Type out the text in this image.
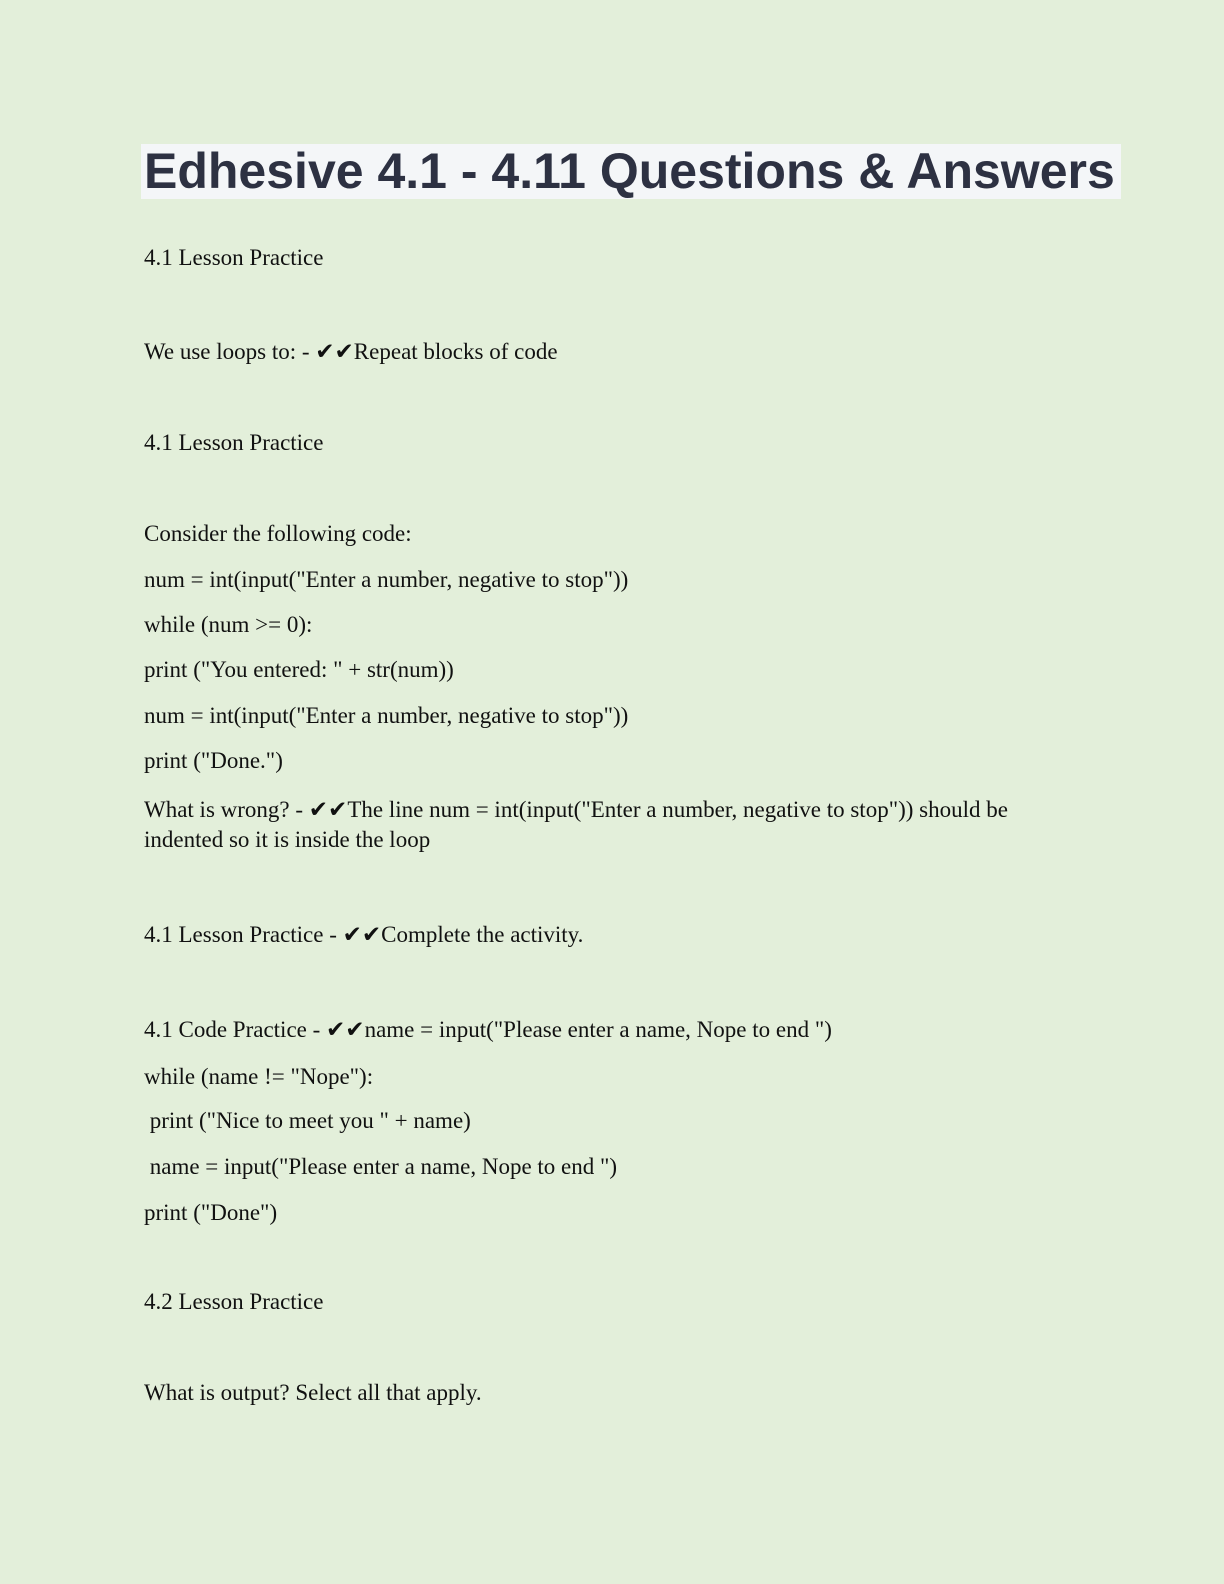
Edhesive 4.1 - 4.11 Questions & Answers
4.1 Lesson Practice
We use loops to: - ✔✔Repeat blocks of code
4.1 Lesson Practice
Consider the following code:
num = int(input("Enter a number, negative to stop"))
while (num >= 0):
print ("You entered: " + str(num))
num = int(input("Enter a number, negative to stop"))
print ("Done.")
What is wrong? - ✔✔The line num = int(input("Enter a number, negative to stop")) should be indented so it is inside the loop
4.1 Lesson Practice - ✔✔Complete the activity.
4.1 Code Practice - ✔✔name = input("Please enter a name, Nope to end ")
while (name != "Nope"):
print ("Nice to meet you " + name)
name = input("Please enter a name, Nope to end ")
print ("Done")
4.2 Lesson Practice
What is output? Select all that apply.
